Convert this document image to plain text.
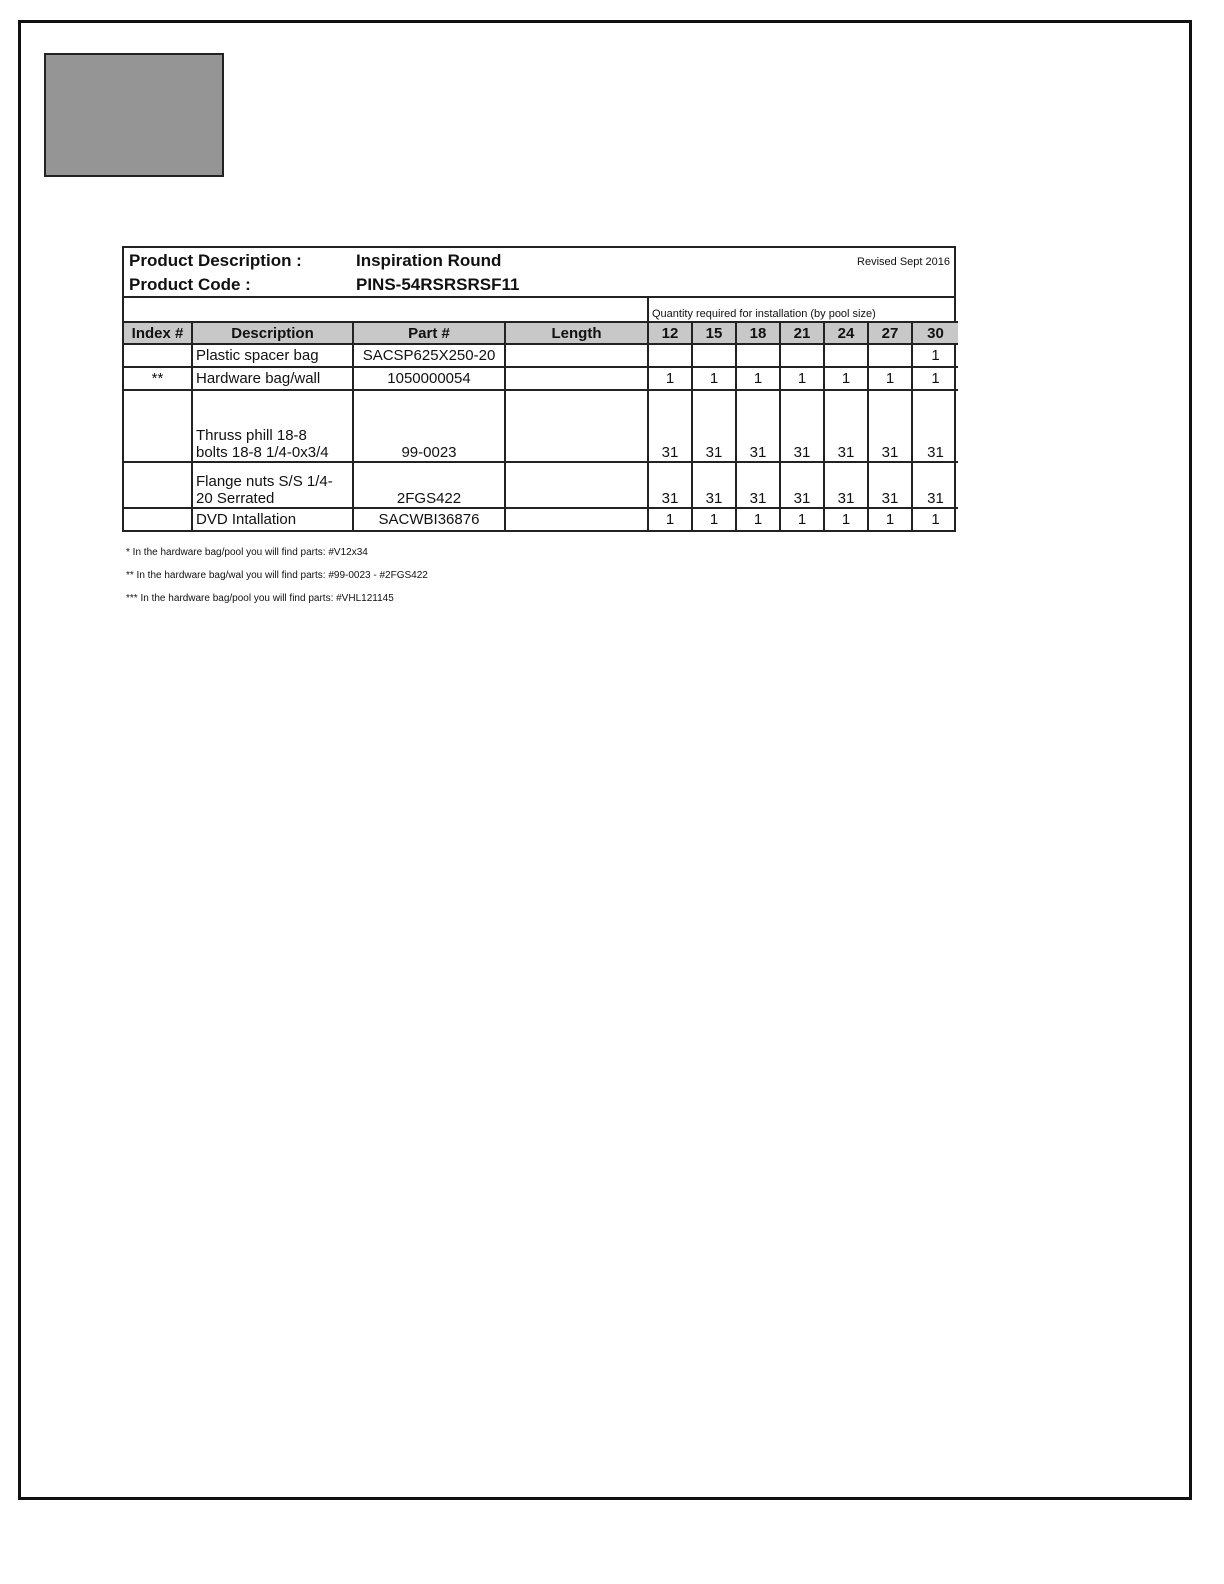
Product Description :	Inspiration Round
Product Code :	PINS-54RSRSRSF11
Revised Sept 2016
				Quantity required for installation (by pool size)						
Index #	Description	Part #	Length	12	15	18	21	24	27	30
	Plastic spacer bag	SACSP625X250-20								1
**	Hardware bag/wall	1050000054		1	1	1	1	1	1	1

	Thruss phill 18-8
bolts 18-8 1/4-0x3/4	99-0023		31	31	31	31	31	31	31

	Flange nuts S/S 1/4-
20 Serrated	2FGS422		31	31	31	31	31	31	31
	DVD Intallation	SACWBI36876		1	1	1	1	1	1	1
* In the hardware bag/pool you will find parts: #V12x34
** In the hardware bag/wal you will find parts: #99-0023 - #2FGS422
*** In the hardware bag/pool you will find parts: #VHL121145
